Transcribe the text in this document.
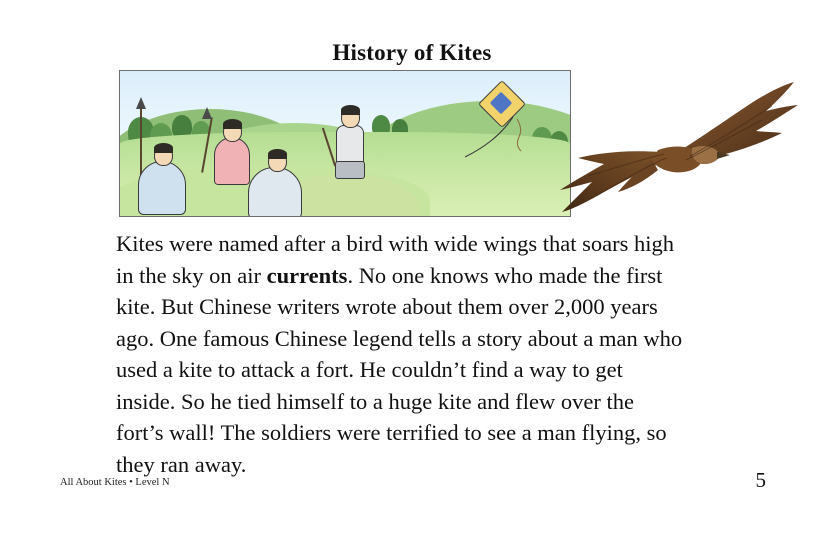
History of Kites
Kites were named after a bird with wide wings that soars high in the sky on air currents. No one knows who made the first kite. But Chinese writers wrote about them over 2,000 years ago. One famous Chinese legend tells a story about a man who used a kite to attack a fort. He couldn’t find a way to get inside. So he tied himself to a huge kite and flew over the fort’s wall! The soldiers were terrified to see a man flying, so they ran away.
All About Kites • Level N	5
